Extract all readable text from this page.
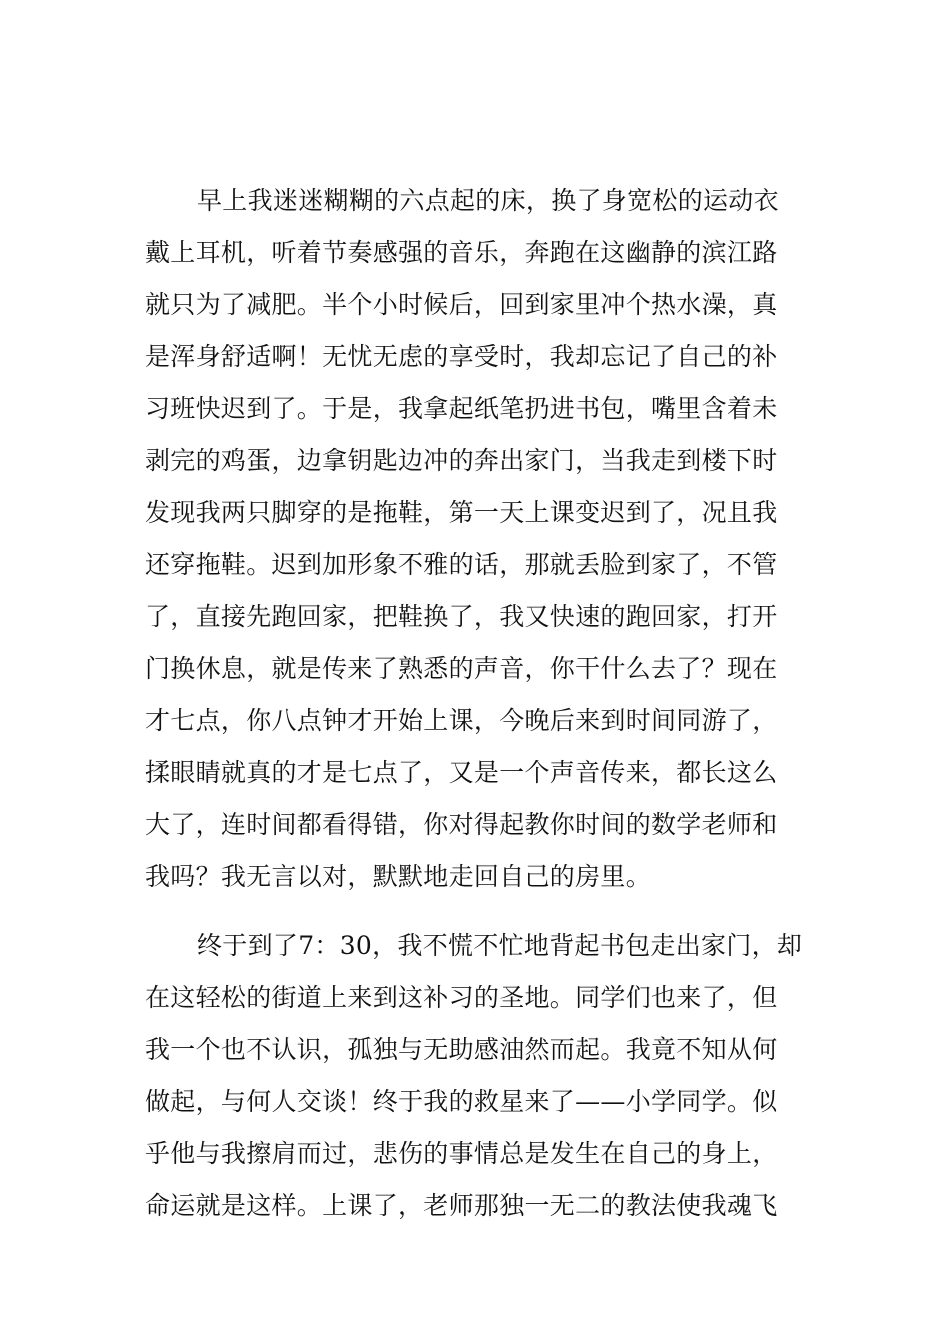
早上我迷迷糊糊的六点起的床，换了身宽松的运动衣
戴上耳机，听着节奏感强的音乐，奔跑在这幽静的滨江路
就只为了减肥。半个小时候后，回到家里冲个热水澡，真
是浑身舒适啊！无忧无虑的享受时，我却忘记了自己的补
习班快迟到了。于是，我拿起纸笔扔进书包，嘴里含着未
剥完的鸡蛋，边拿钥匙边冲的奔出家门，当我走到楼下时
发现我两只脚穿的是拖鞋，第一天上课变迟到了，况且我
还穿拖鞋。迟到加形象不雅的话，那就丢脸到家了，不管
了，直接先跑回家，把鞋换了，我又快速的跑回家，打开
门换休息，就是传来了熟悉的声音，你干什么去了？现在
才七点，你八点钟才开始上课，今晚后来到时间同游了，
揉眼睛就真的才是七点了，又是一个声音传来，都长这么
大了，连时间都看得错，你对得起教你时间的数学老师和
我吗？我无言以对，默默地走回自己的房里。
终于到了7：30，我不慌不忙地背起书包走出家门，却
在这轻松的街道上来到这补习的圣地。同学们也来了，但
我一个也不认识，孤独与无助感油然而起。我竟不知从何
做起，与何人交谈！终于我的救星来了——小学同学。似
乎他与我擦肩而过，悲伤的事情总是发生在自己的身上，
命运就是这样。上课了，老师那独一无二的教法使我魂飞
